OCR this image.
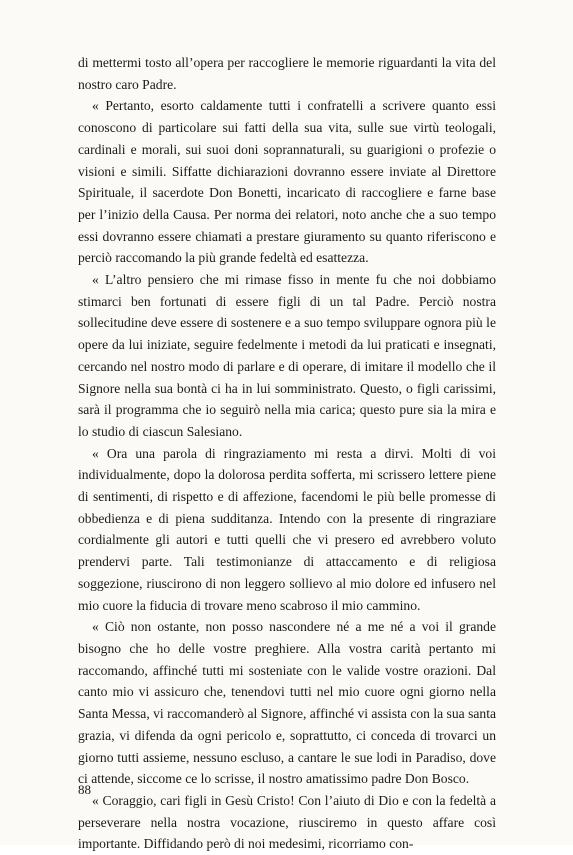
di mettermi tosto all’opera per raccogliere le memorie riguardanti la vita del nostro caro Padre.

« Pertanto, esorto caldamente tutti i confratelli a scrivere quanto essi conoscono di particolare sui fatti della sua vita, sulle sue virtù teologali, cardinali e morali, sui suoi doni soprannaturali, su guarigioni o profezie o visioni e simili. Siffatte dichiarazioni dovranno essere inviate al Direttore Spirituale, il sacerdote Don Bonetti, incaricato di raccogliere e farne base per l’inizio della Causa. Per norma dei relatori, noto anche che a suo tempo essi dovranno essere chiamati a prestare giuramento su quanto riferiscono e perciò raccomando la più grande fedeltà ed esattezza.

« L’altro pensiero che mi rimase fisso in mente fu che noi dobbiamo stimarci ben fortunati di essere figli di un tal Padre. Perciò nostra sollecitudine deve essere di sostenere e a suo tempo sviluppare ognora più le opere da lui iniziate, seguire fedelmente i metodi da lui praticati e insegnati, cercando nel nostro modo di parlare e di operare, di imitare il modello che il Signore nella sua bontà ci ha in lui somministrato. Questo, o figli carissimi, sarà il programma che io seguirò nella mia carica; questo pure sia la mira e lo studio di ciascun Salesiano.

« Ora una parola di ringraziamento mi resta a dirvi. Molti di voi individualmente, dopo la dolorosa perdita sofferta, mi scrissero lettere piene di sentimenti, di rispetto e di affezione, facendomi le più belle promesse di obbedienza e di piena sudditanza. Intendo con la presente di ringraziare cordialmente gli autori e tutti quelli che vi presero ed avrebbero voluto prendervi parte. Tali testimonianze di attaccamento e di religiosa soggezione, riuscirono di non leggero sollievo al mio dolore ed infusero nel mio cuore la fiducia di trovare meno scabroso il mio cammino.

« Ciò non ostante, non posso nascondere né a me né a voi il grande bisogno che ho delle vostre preghiere. Alla vostra carità pertanto mi raccomando, affinché tutti mi sosteniate con le valide vostre orazioni. Dal canto mio vi assicuro che, tenendovi tutti nel mio cuore ogni giorno nella Santa Messa, vi raccomanderò al Signore, affinché vi assista con la sua santa grazia, vi difenda da ogni pericolo e, soprattutto, ci conceda di trovarci un giorno tutti assieme, nessuno escluso, a cantare le sue lodi in Paradiso, dove ci attende, siccome ce lo scrisse, il nostro amatissimo padre Don Bosco.

« Coraggio, cari figli in Gesù Cristo! Con l’aiuto di Dio e con la fedeltà a perseverare nella nostra vocazione, riusciremo in questo affare così importante. Diffidando però di noi medesimi, ricorriamo con-

88
